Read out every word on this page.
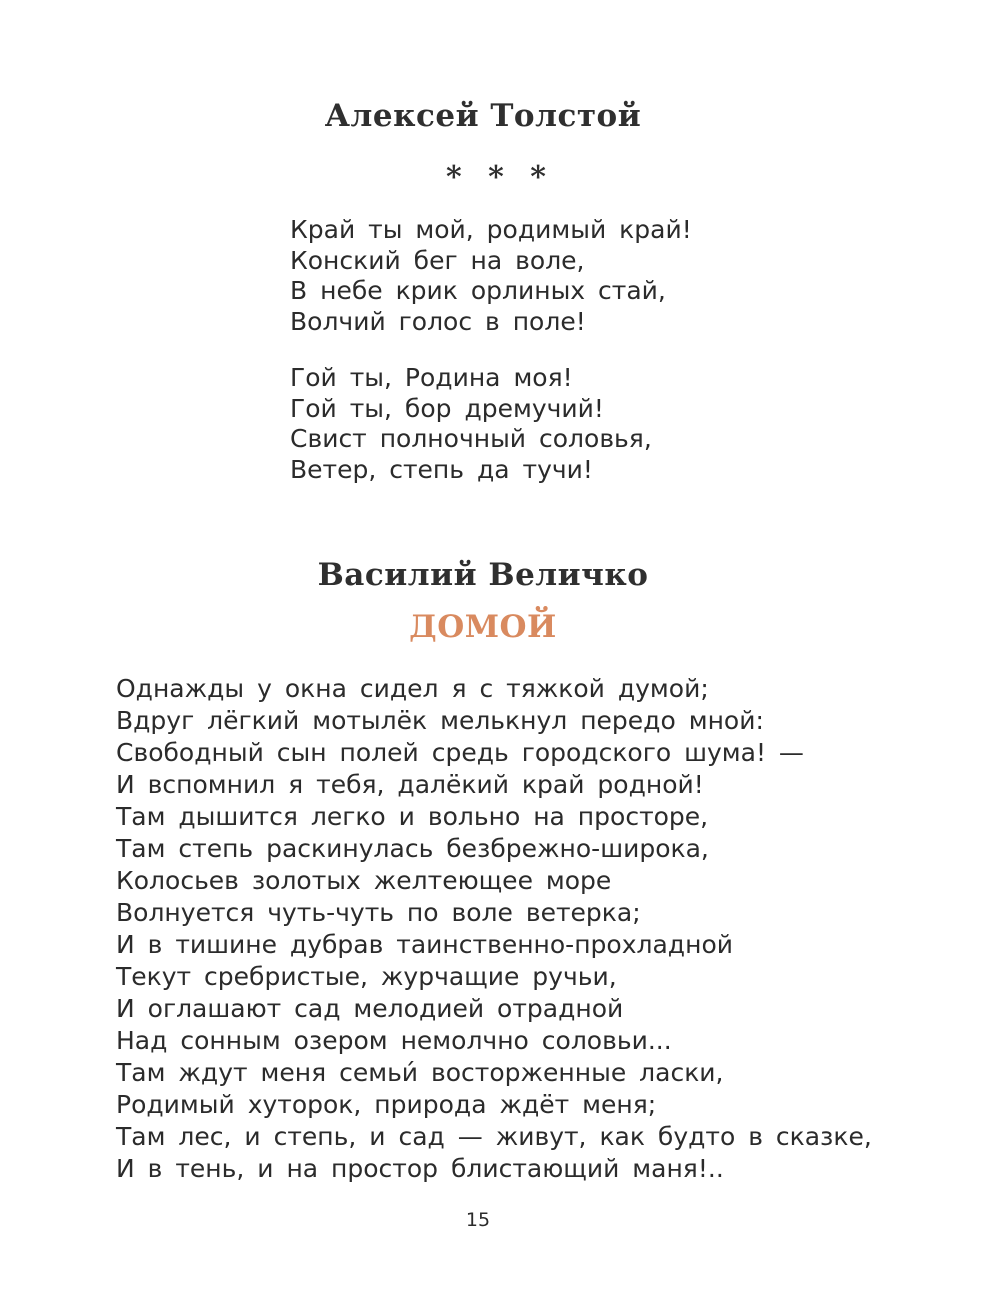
Алексей Толстой
* * *
Край ты мой, родимый край!
Конский бег на воле,
В небе крик орлиных стай,
Волчий голос в поле!
Гой ты, Родина моя!
Гой ты, бор дремучий!
Свист полночный соловья,
Ветер, степь да тучи!
Василий Величко
ДОМОЙ
Однажды у окна сидел я с тяжкой думой;
Вдруг лёгкий мотылёк мелькнул передо мной:
Свободный сын полей средь городского шума! —
И вспомнил я тебя, далёкий край родной!
Там дышится легко и вольно на просторе,
Там степь раскинулась безбрежно-широка,
Колосьев золотых желтеющее море
Волнуется чуть-чуть по воле ветерка;
И в тишине дубрав таинственно-прохладной
Текут сребристые, журчащие ручьи,
И оглашают сад мелодией отрадной
Над сонным озером немолчно соловьи...
Там ждут меня семьи́ восторженные ласки,
Родимый хуторок, природа ждёт меня;
Там лес, и степь, и сад — живут, как будто в сказке,
И в тень, и на простор блистающий маня!..
15
